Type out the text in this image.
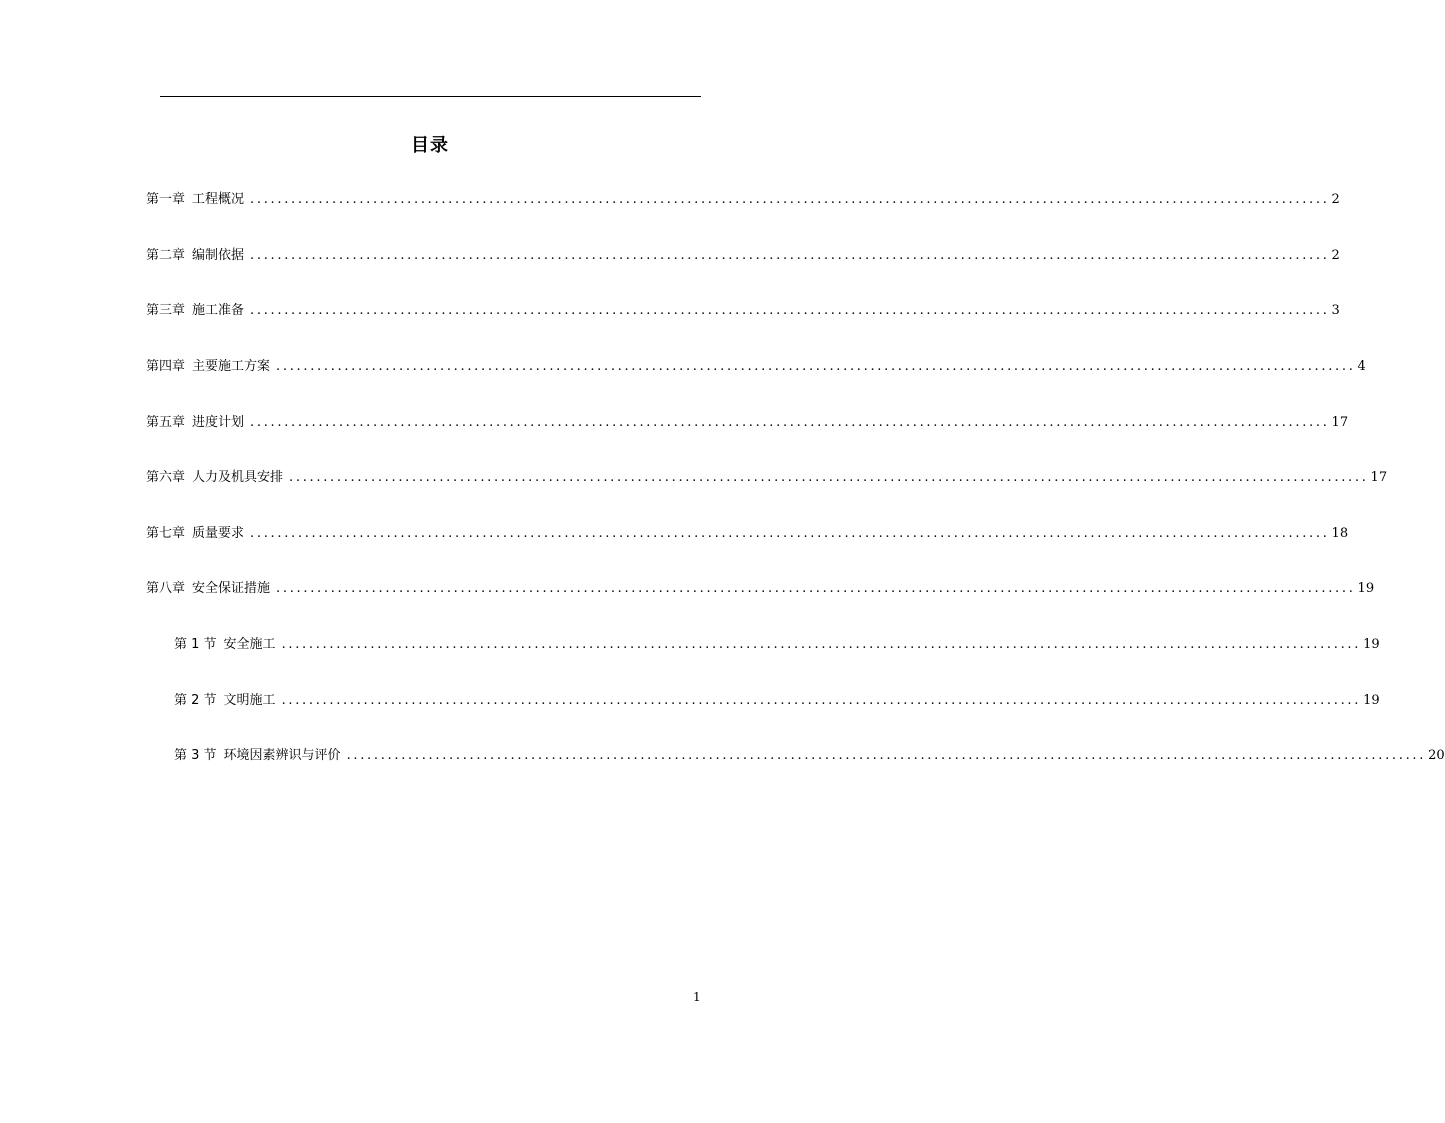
目录
第一章 工程概况 .............................................................................................................................................................. 2
第二章 编制依据 .............................................................................................................................................................. 2
第三章 施工准备 .............................................................................................................................................................. 3
第四章 主要施工方案 .............................................................................................................................................................. 4
第五章 进度计划 .............................................................................................................................................................. 17
第六章 人力及机具安排 .............................................................................................................................................................. 17
第七章 质量要求 .............................................................................................................................................................. 18
第八章 安全保证措施 .............................................................................................................................................................. 19
第 1 节 安全施工 .............................................................................................................................................................. 19
第 2 节 文明施工 .............................................................................................................................................................. 19
第 3 节 环境因素辨识与评价 .............................................................................................................................................................. 20
1
